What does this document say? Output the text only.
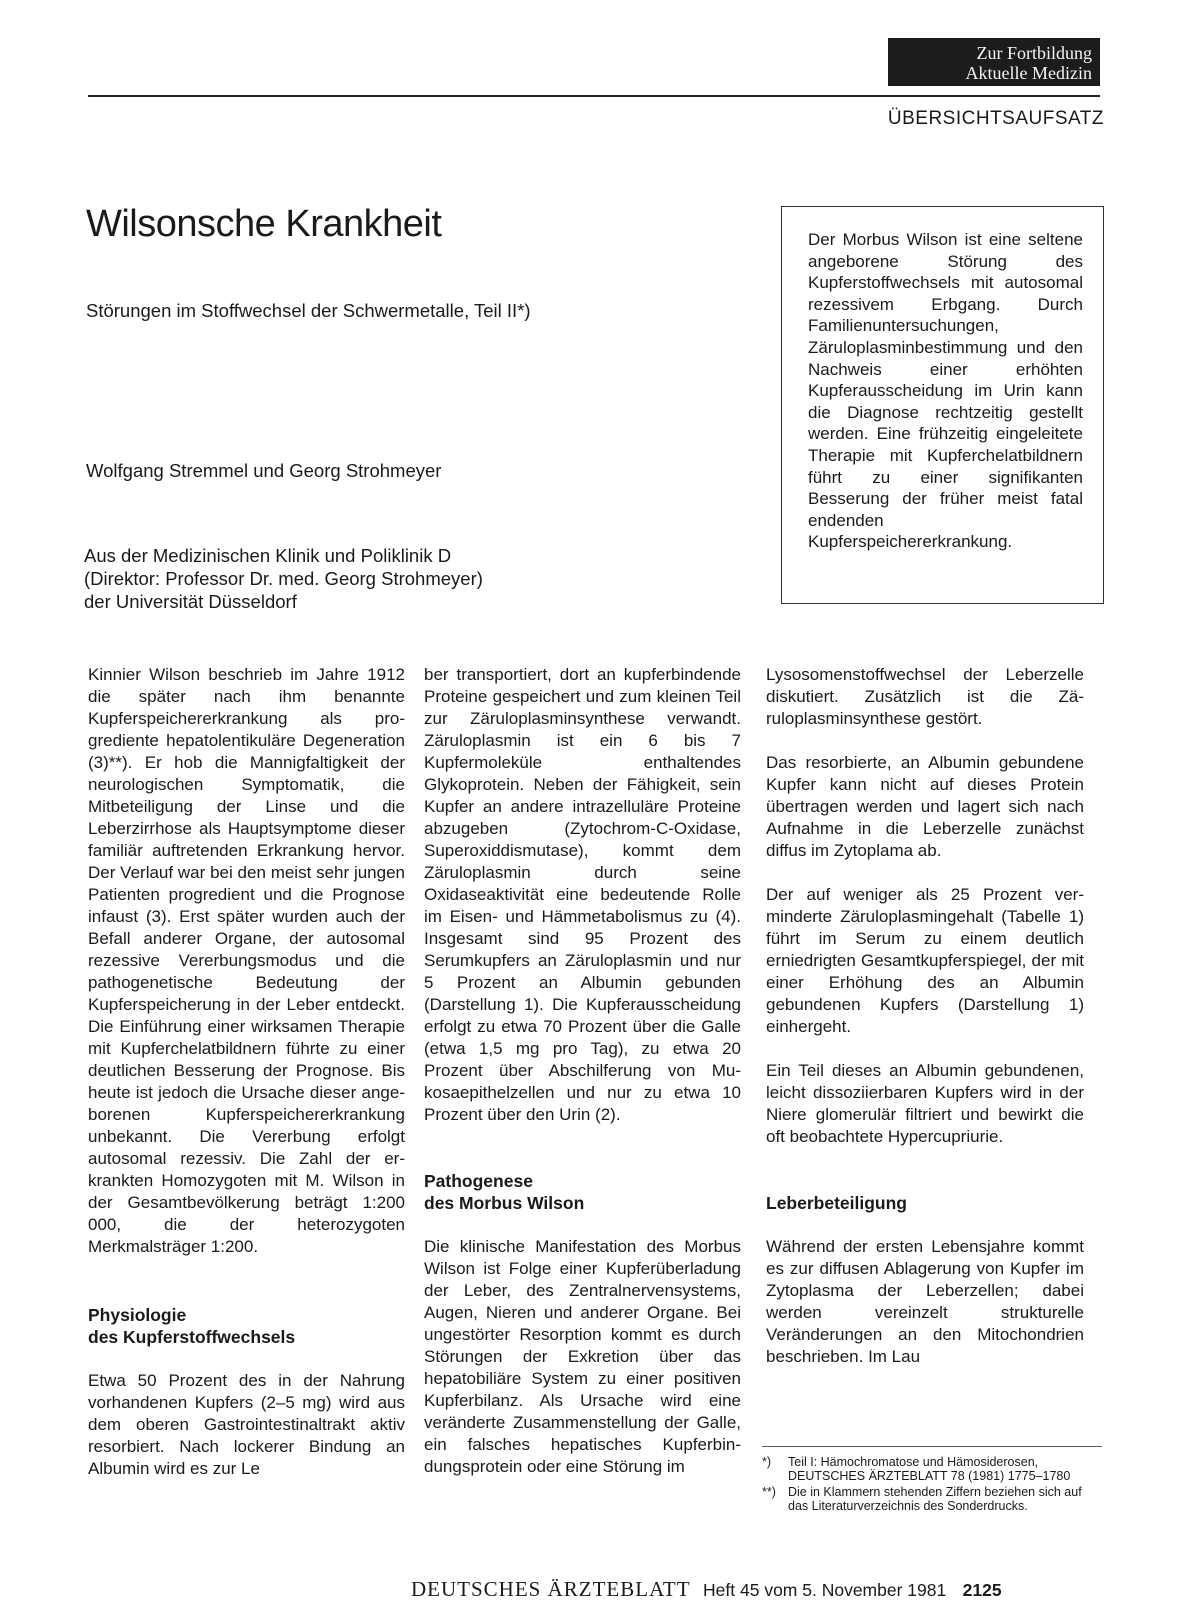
Zur Fortbildung
Aktuelle Medizin
ÜBERSICHTSAUFSATZ
Wilsonsche Krankheit
Störungen im Stoffwechsel der Schwermetalle, Teil II*)
Wolfgang Stremmel und Georg Strohmeyer
Aus der Medizinischen Klinik und Poliklinik D
(Direktor: Professor Dr. med. Georg Strohmeyer)
der Universität Düsseldorf

Der Morbus Wilson ist eine seltene angeborene Störung des Kupferstoffwechsels mit autosomal rezessivem Erbgang. Durch Familienuntersuchungen, Zäruloplasminbestimmung und den Nachweis einer erhöhten Kupferausscheidung im Urin kann die Diagnose rechtzeitig gestellt werden. Eine frühzeitig eingeleitete Therapie mit Kupferchelatbildnern führt zu einer signifikanten Besserung der früher meist fatal endenden Kupferspeichererkrankung.

Kinnier Wilson beschrieb im Jahre 1912 die später nach ihm benannte Kupferspeichererkrankung als progrediente hepatolentikuläre Degeneration (3)**). Er hob die Mannigfaltigkeit der neurologischen Symptomatik, die Mitbeteiligung der Linse und die Leberzirrhose als Hauptsymptome dieser familiär auftretenden Erkrankung hervor. Der Verlauf war bei den meist sehr jungen Patienten progredient und die Prognose infaust (3). Erst später wurden auch der Befall anderer Organe, der autosomal rezessive Vererbungsmodus und die pathogenetische Bedeutung der Kupferspeicherung in der Leber entdeckt. Die Einführung einer wirksamen Therapie mit Kupferchelatbildnern führte zu einer deutlichen Besserung der Prognose. Bis heute ist jedoch die Ursache dieser angeborenen Kupferspeichererkrankung unbekannt. Die Vererbung erfolgt autosomal rezessiv. Die Zahl der erkrankten Homozygoten mit M. Wilson in der Gesamtbevölkerung beträgt 1:200 000, die der heterozygoten Merkmalsträger 1:200.

Physiologie
des Kupferstoffwechsels

Etwa 50 Prozent des in der Nahrung vorhandenen Kupfers (2–5 mg) wird aus dem oberen Gastrointestinaltrakt aktiv resorbiert. Nach lockerer Bindung an Albumin wird es zur Le

ber transportiert, dort an kupferbindende Proteine gespeichert und zum kleinen Teil zur Zäruloplasminsynthese verwandt. Zäruloplasmin ist ein 6 bis 7 Kupfermoleküle enthaltendes Glykoprotein. Neben der Fähigkeit, sein Kupfer an andere intrazelluläre Proteine abzugeben (Zytochrom-C-Oxidase, Superoxiddismutase), kommt dem Zäruloplasmin durch seine Oxidaseaktivität eine bedeutende Rolle im Eisen- und Hämmetabolismus zu (4). Insgesamt sind 95 Prozent des Serumkupfers an Zäruloplasmin und nur 5 Prozent an Albumin gebunden (Darstellung 1). Die Kupferausscheidung erfolgt zu etwa 70 Prozent über die Galle (etwa 1,5 mg pro Tag), zu etwa 20 Prozent über Abschilferung von Mukosaepithelzellen und nur zu etwa 10 Prozent über den Urin (2).

Pathogenese
des Morbus Wilson

Die klinische Manifestation des Morbus Wilson ist Folge einer Kupferüberladung der Leber, des Zentralnervensystems, Augen, Nieren und anderer Organe. Bei ungestörter Resorption kommt es durch Störungen der Exkretion über das hepatobiliäre System zu einer positiven Kupferbilanz. Als Ursache wird eine veränderte Zusammenstellung der Galle, ein falsches hepatisches Kupferbindungsprotein oder eine Störung im

Lysosomenstoffwechsel der Leberzelle diskutiert. Zusätzlich ist die Zäruloplasminsynthese gestört.

Das resorbierte, an Albumin gebundene Kupfer kann nicht auf dieses Protein übertragen werden und lagert sich nach Aufnahme in die Leberzelle zunächst diffus im Zytoplama ab.

Der auf weniger als 25 Prozent verminderte Zäruloplasmingehalt (Tabelle 1) führt im Serum zu einem deutlich erniedrigten Gesamtkupferspiegel, der mit einer Erhöhung des an Albumin gebundenen Kupfers (Darstellung 1) einhergeht.

Ein Teil dieses an Albumin gebundenen, leicht dissoziierbaren Kupfers wird in der Niere glomerulär filtriert und bewirkt die oft beobachtete Hypercupriurie.

Leberbeteiligung

Während der ersten Lebensjahre kommt es zur diffusen Ablagerung von Kupfer im Zytoplasma der Leberzellen; dabei werden vereinzelt strukturelle Veränderungen an den Mitochondrien beschrieben. Im Lau

*)	Teil I: Hämochromatose und Hämosiderosen, DEUTSCHES ÄRZTEBLATT 78 (1981) 1775–1780
**) Die in Klammern stehenden Ziffern beziehen sich auf das Literaturverzeichnis des Sonderdrucks.
DEUTSCHES ÄRZTEBLATT Heft 45 vom 5. November 1981 2125
